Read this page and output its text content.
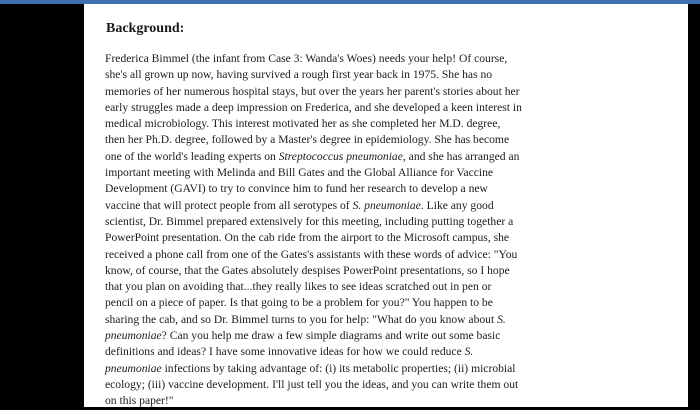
Background:
Frederica Bimmel (the infant from Case 3: Wanda's Woes) needs your help! Of course,
she's all grown up now, having survived a rough first year back in 1975. She has no
memories of her numerous hospital stays, but over the years her parent's stories about her
early struggles made a deep impression on Frederica, and she developed a keen interest in
medical microbiology. This interest motivated her as she completed her M.D. degree,
then her Ph.D. degree, followed by a Master's degree in epidemiology. She has become
one of the world's leading experts on Streptococcus pneumoniae, and she has arranged an
important meeting with Melinda and Bill Gates and the Global Alliance for Vaccine
Development (GAVI) to try to convince him to fund her research to develop a new
vaccine that will protect people from all serotypes of S. pneumoniae. Like any good
scientist, Dr. Bimmel prepared extensively for this meeting, including putting together a
PowerPoint presentation. On the cab ride from the airport to the Microsoft campus, she
received a phone call from one of the Gates's assistants with these words of advice: "You
know, of course, that the Gates absolutely despises PowerPoint presentations, so I hope
that you plan on avoiding that...they really likes to see ideas scratched out in pen or
pencil on a piece of paper. Is that going to be a problem for you?" You happen to be
sharing the cab, and so Dr. Bimmel turns to you for help: "What do you know about S.
pneumoniae? Can you help me draw a few simple diagrams and write out some basic
definitions and ideas? I have some innovative ideas for how we could reduce S.
pneumoniae infections by taking advantage of: (i) its metabolic properties; (ii) microbial
ecology; (iii) vaccine development. I'll just tell you the ideas, and you can write them out
on this paper!"
